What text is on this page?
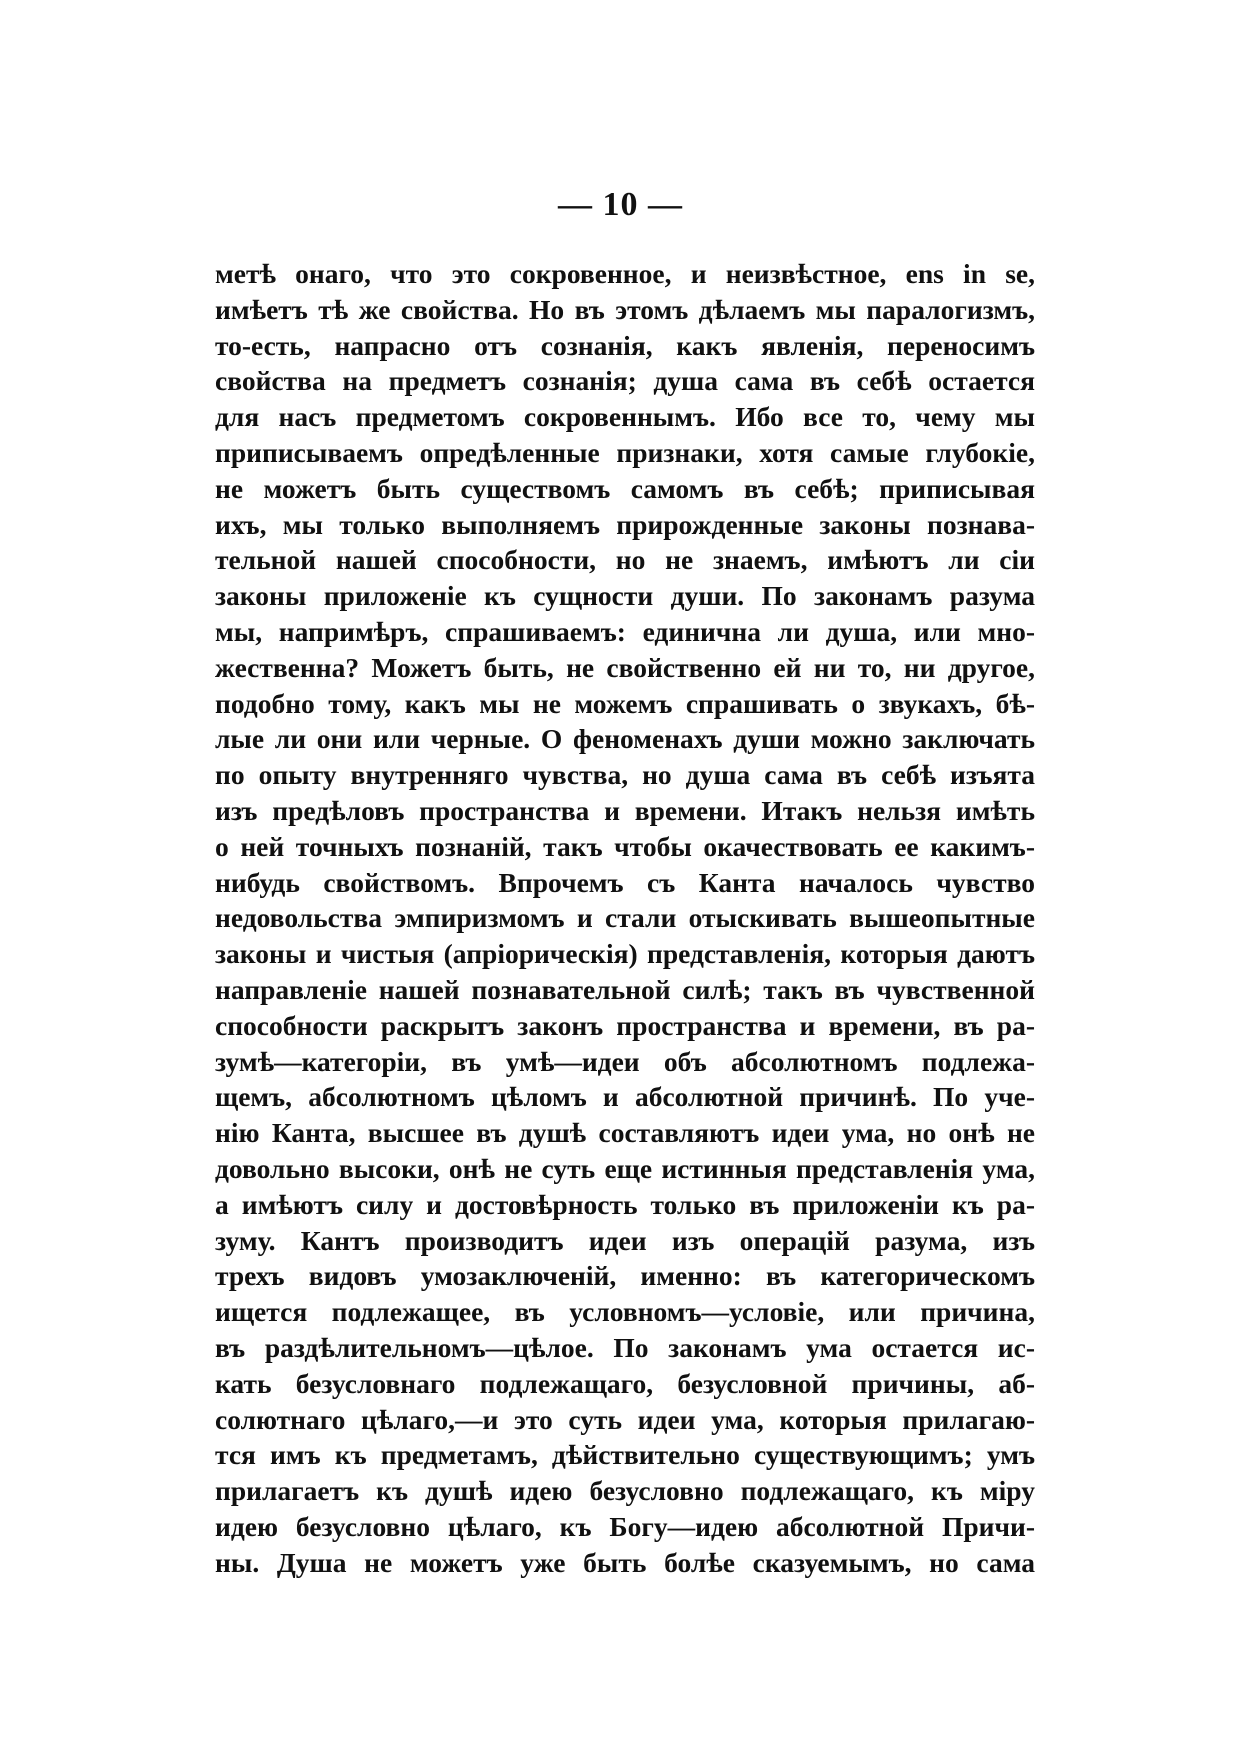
— 10 —
метѣ онаго, что это сокровенное, и неизвѣстное, ens in se,
имѣетъ тѣ же свойства. Но въ этомъ дѣлаемъ мы паралогизмъ,
то-есть, напрасно отъ сознанія, какъ явленія, переносимъ
свойства на предметъ сознанія; душа сама въ себѣ остается
для насъ предметомъ сокровеннымъ. Ибо все то, чему мы
приписываемъ опредѣленные признаки, хотя самые глубокіе,
не можетъ быть существомъ самомъ въ себѣ; приписывая
ихъ, мы только выполняемъ прирожденные законы познава-
тельной нашей способности, но не знаемъ, имѣютъ ли сіи
законы приложеніе къ сущности души. По законамъ разума
мы, напримѣръ, спрашиваемъ: единична ли душа, или мно-
жественна? Можетъ быть, не свойственно ей ни то, ни другое,
подобно тому, какъ мы не можемъ спрашивать о звукахъ, бѣ-
лые ли они или черные. О феноменахъ души можно заключать
по опыту внутренняго чувства, но душа сама въ себѣ изъята
изъ предѣловъ пространства и времени. Итакъ нельзя имѣть
о ней точныхъ познаній, такъ чтобы окачествовать ее какимъ-
нибудь свойствомъ. Впрочемъ съ Канта началось чувство
недовольства эмпиризмомъ и стали отыскивать вышеопытные
законы и чистыя (апріорическія) представленія, которыя даютъ
направленіе нашей познавательной силѣ; такъ въ чувственной
способности раскрытъ законъ пространства и времени, въ ра-
зумѣ—категоріи, въ умѣ—идеи объ абсолютномъ подлежа-
щемъ, абсолютномъ цѣломъ и абсолютной причинѣ. По уче-
нію Канта, высшее въ душѣ составляютъ идеи ума, но онѣ не
довольно высоки, онѣ не суть еще истинныя представленія ума,
а имѣютъ силу и достовѣрность только въ приложеніи къ ра-
зуму. Кантъ производитъ идеи изъ операцій разума, изъ
трехъ видовъ умозаключеній, именно: въ категорическомъ
ищется подлежащее, въ условномъ—условіе, или причина,
въ раздѣлительномъ—цѣлое. По законамъ ума остается ис-
кать безусловнаго подлежащаго, безусловной причины, аб-
солютнаго цѣлаго,—и это суть идеи ума, которыя прилагаю-
тся имъ къ предметамъ, дѣйствительно существующимъ; умъ
прилагаетъ къ душѣ идею безусловно подлежащаго, къ міру
идею безусловно цѣлаго, къ Богу—идею абсолютной Причи-
ны. Душа не можетъ уже быть болѣе сказуемымъ, но сама
